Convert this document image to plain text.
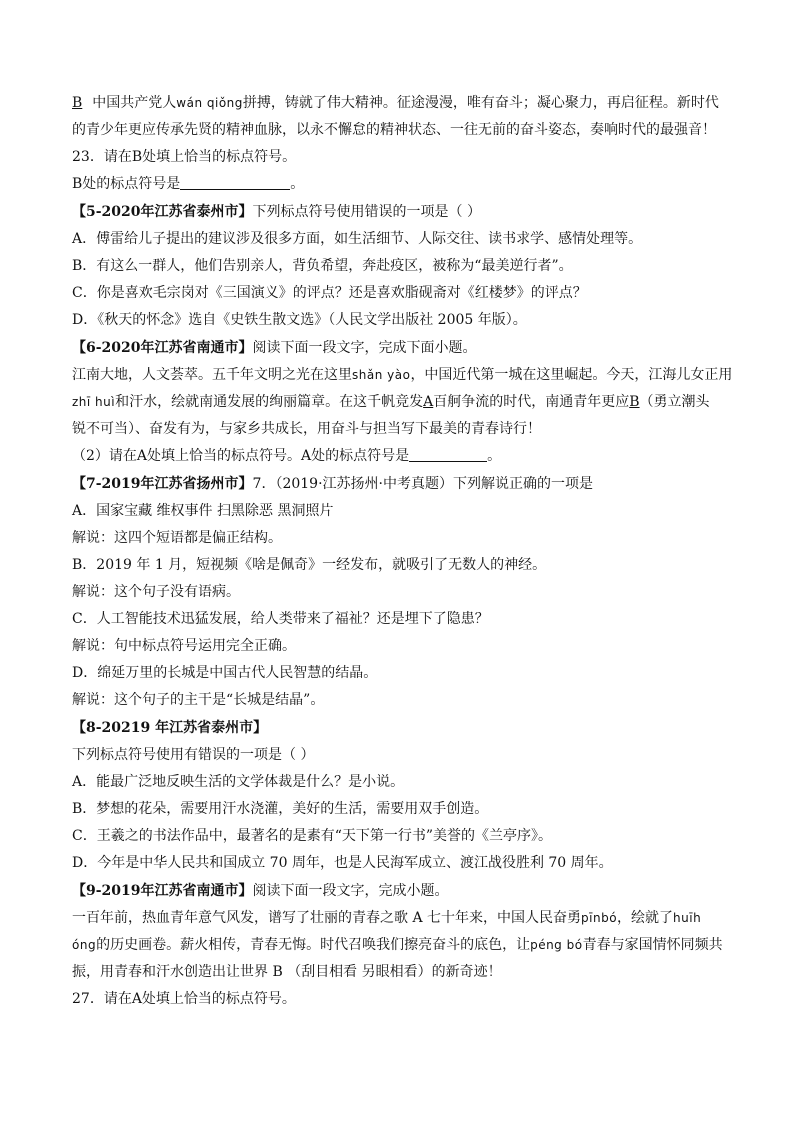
B 中国共产党人wán qiǒng拼搏，铸就了伟大精神。征途漫漫，唯有奋斗；凝心聚力，再启征程。新时代
的青少年更应传承先贤的精神血脉，以永不懈怠的精神状态、一往无前的奋斗姿态，奏响时代的最强音！
23．请在B处填上恰当的标点符号。
B处的标点符号是	。
【5-2020年江苏省泰州市】下列标点符号使用错误的一项是（ ）
A．傅雷给儿子提出的建议涉及很多方面，如生活细节、人际交往、读书求学、感情处理等。
B．有这么一群人，他们告别亲人，背负希望，奔赴疫区，被称为“最美逆行者”。
C．你是喜欢毛宗岗对《三国演义》的评点？还是喜欢脂砚斋对《红楼梦》的评点？
D．《秋天的怀念》选自《史铁生散文选》（人民文学出版社 2005 年版）。
【6-2020年江苏省南通市】阅读下面一段文字，完成下面小题。
江南大地，人文荟萃。五千年文明之光在这里shǎn yào，中国近代第一城在这里崛起。今天，江海儿女正用
zhī huì和汗水，绘就南通发展的绚丽篇章。在这千帆竞发A百舸争流的时代，南通青年更应B（勇立潮头
锐不可当）、奋发有为，与家乡共成长，用奋斗与担当写下最美的青春诗行！
（2）请在A处填上恰当的标点符号。A处的标点符号是	。
【7-2019年江苏省扬州市】7．（2019·江苏扬州·中考真题）下列解说正确的一项是
A．国家宝藏 维权事件 扫黑除恶 黑洞照片
解说：这四个短语都是偏正结构。
B．2019 年 1 月，短视频《啥是佩奇》一经发布，就吸引了无数人的神经。
解说：这个句子没有语病。
C．人工智能技术迅猛发展，给人类带来了福祉？还是埋下了隐患？
解说：句中标点符号运用完全正确。
D．绵延万里的长城是中国古代人民智慧的结晶。
解说：这个句子的主干是“长城是结晶”。
【8-20219 年江苏省泰州市】
下列标点符号使用有错误的一项是（ ）
A．能最广泛地反映生活的文学体裁是什么？是小说。
B．梦想的花朵，需要用汗水浇灌，美好的生活，需要用双手创造。
C．王羲之的书法作品中，最著名的是素有“天下第一行书”美誉的《兰亭序》。
D．今年是中华人民共和国成立 70 周年，也是人民海军成立、渡江战役胜利 70 周年。
【9-2019年江苏省南通市】阅读下面一段文字，完成小题。
一百年前，热血青年意气风发，谱写了壮丽的青春之歌 A 七十年来，中国人民奋勇pīnbó，绘就了huīh
óng的历史画卷。薪火相传，青春无悔。时代召唤我们擦亮奋斗的底色，让péng bó青春与家国情怀同频共
振，用青春和汗水创造出让世界 B （刮目相看 另眼相看）的新奇迹！
27．请在A处填上恰当的标点符号。
